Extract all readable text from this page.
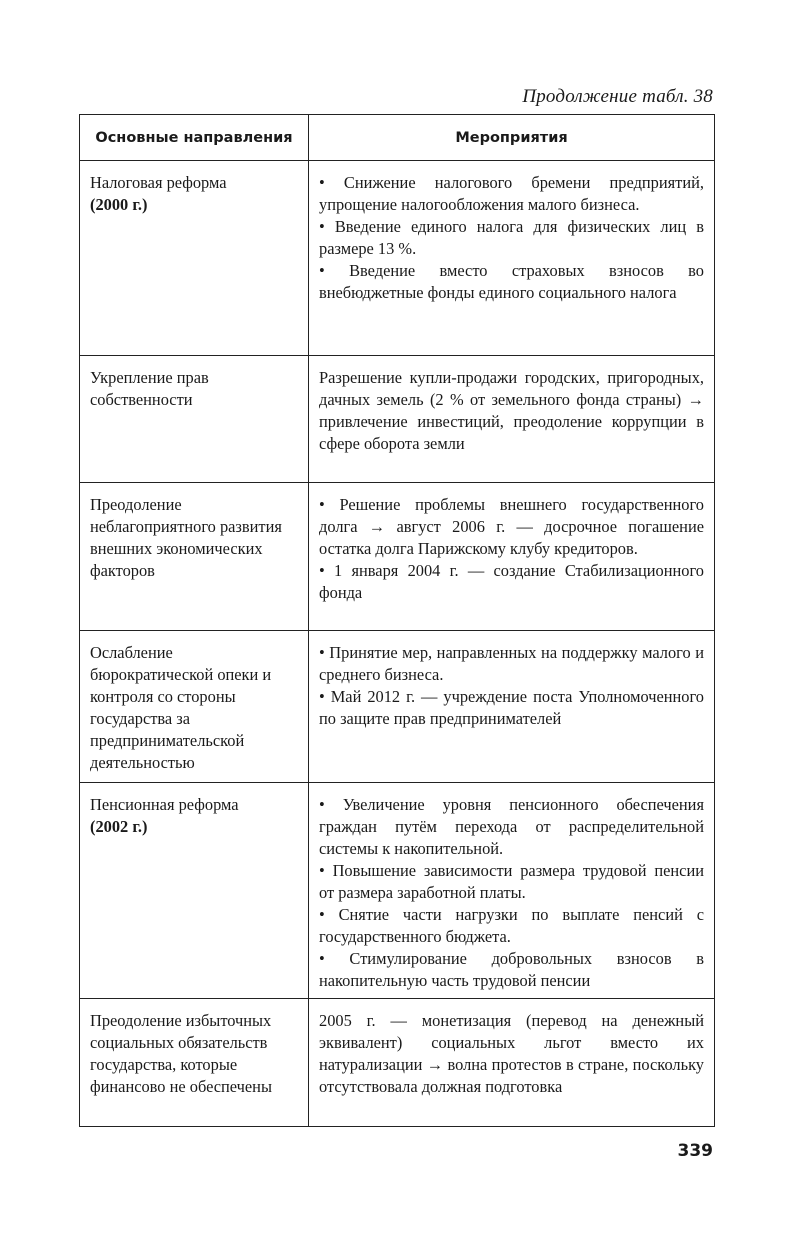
Продолжение табл. 38
Основные направления	Мероприятия
Налоговая реформа
(2000 г.)	• Снижение налогового бремени предприятий, упрощение налогообложения малого бизнеса.
• Введение единого налога для физических лиц в размере 13 %.
• Введение вместо страховых взносов во внебюджетные фонды единого социального налога

Укрепление прав собственности	Разрешение купли-продажи городских, пригородных, дачных земель (2 % от земельного фонда страны) → привлечение инвестиций, преодоление коррупции в сфере оборота земли

Преодоление неблагоприятного развития внешних экономических факторов	• Решение проблемы внешнего государственного долга → август 2006 г. — досрочное погашение остатка долга Парижскому клубу кредиторов.
• 1 января 2004 г. — создание Стабилизационного фонда

Ослабление бюрократической опеки и контроля со стороны государства за предпринимательской деятельностью	• Принятие мер, направленных на поддержку малого и среднего бизнеса.
• Май 2012 г. — учреждение поста Уполномоченного по защите прав предпринимателей

Пенсионная реформа
(2002 г.)	• Увеличение уровня пенсионного обеспечения граждан путём перехода от распределительной системы к накопительной.
• Повышение зависимости размера трудовой пенсии от размера заработной платы.
• Снятие части нагрузки по выплате пенсий с государственного бюджета.
• Стимулирование добровольных взносов в накопительную часть трудовой пенсии

Преодоление избыточных социальных обязательств государства, которые финансово не обеспечены	2005 г. — монетизация (перевод на денежный эквивалент) социальных льгот вместо их натурализации → волна протестов в стране, поскольку отсутствовала должная подготовка
339
